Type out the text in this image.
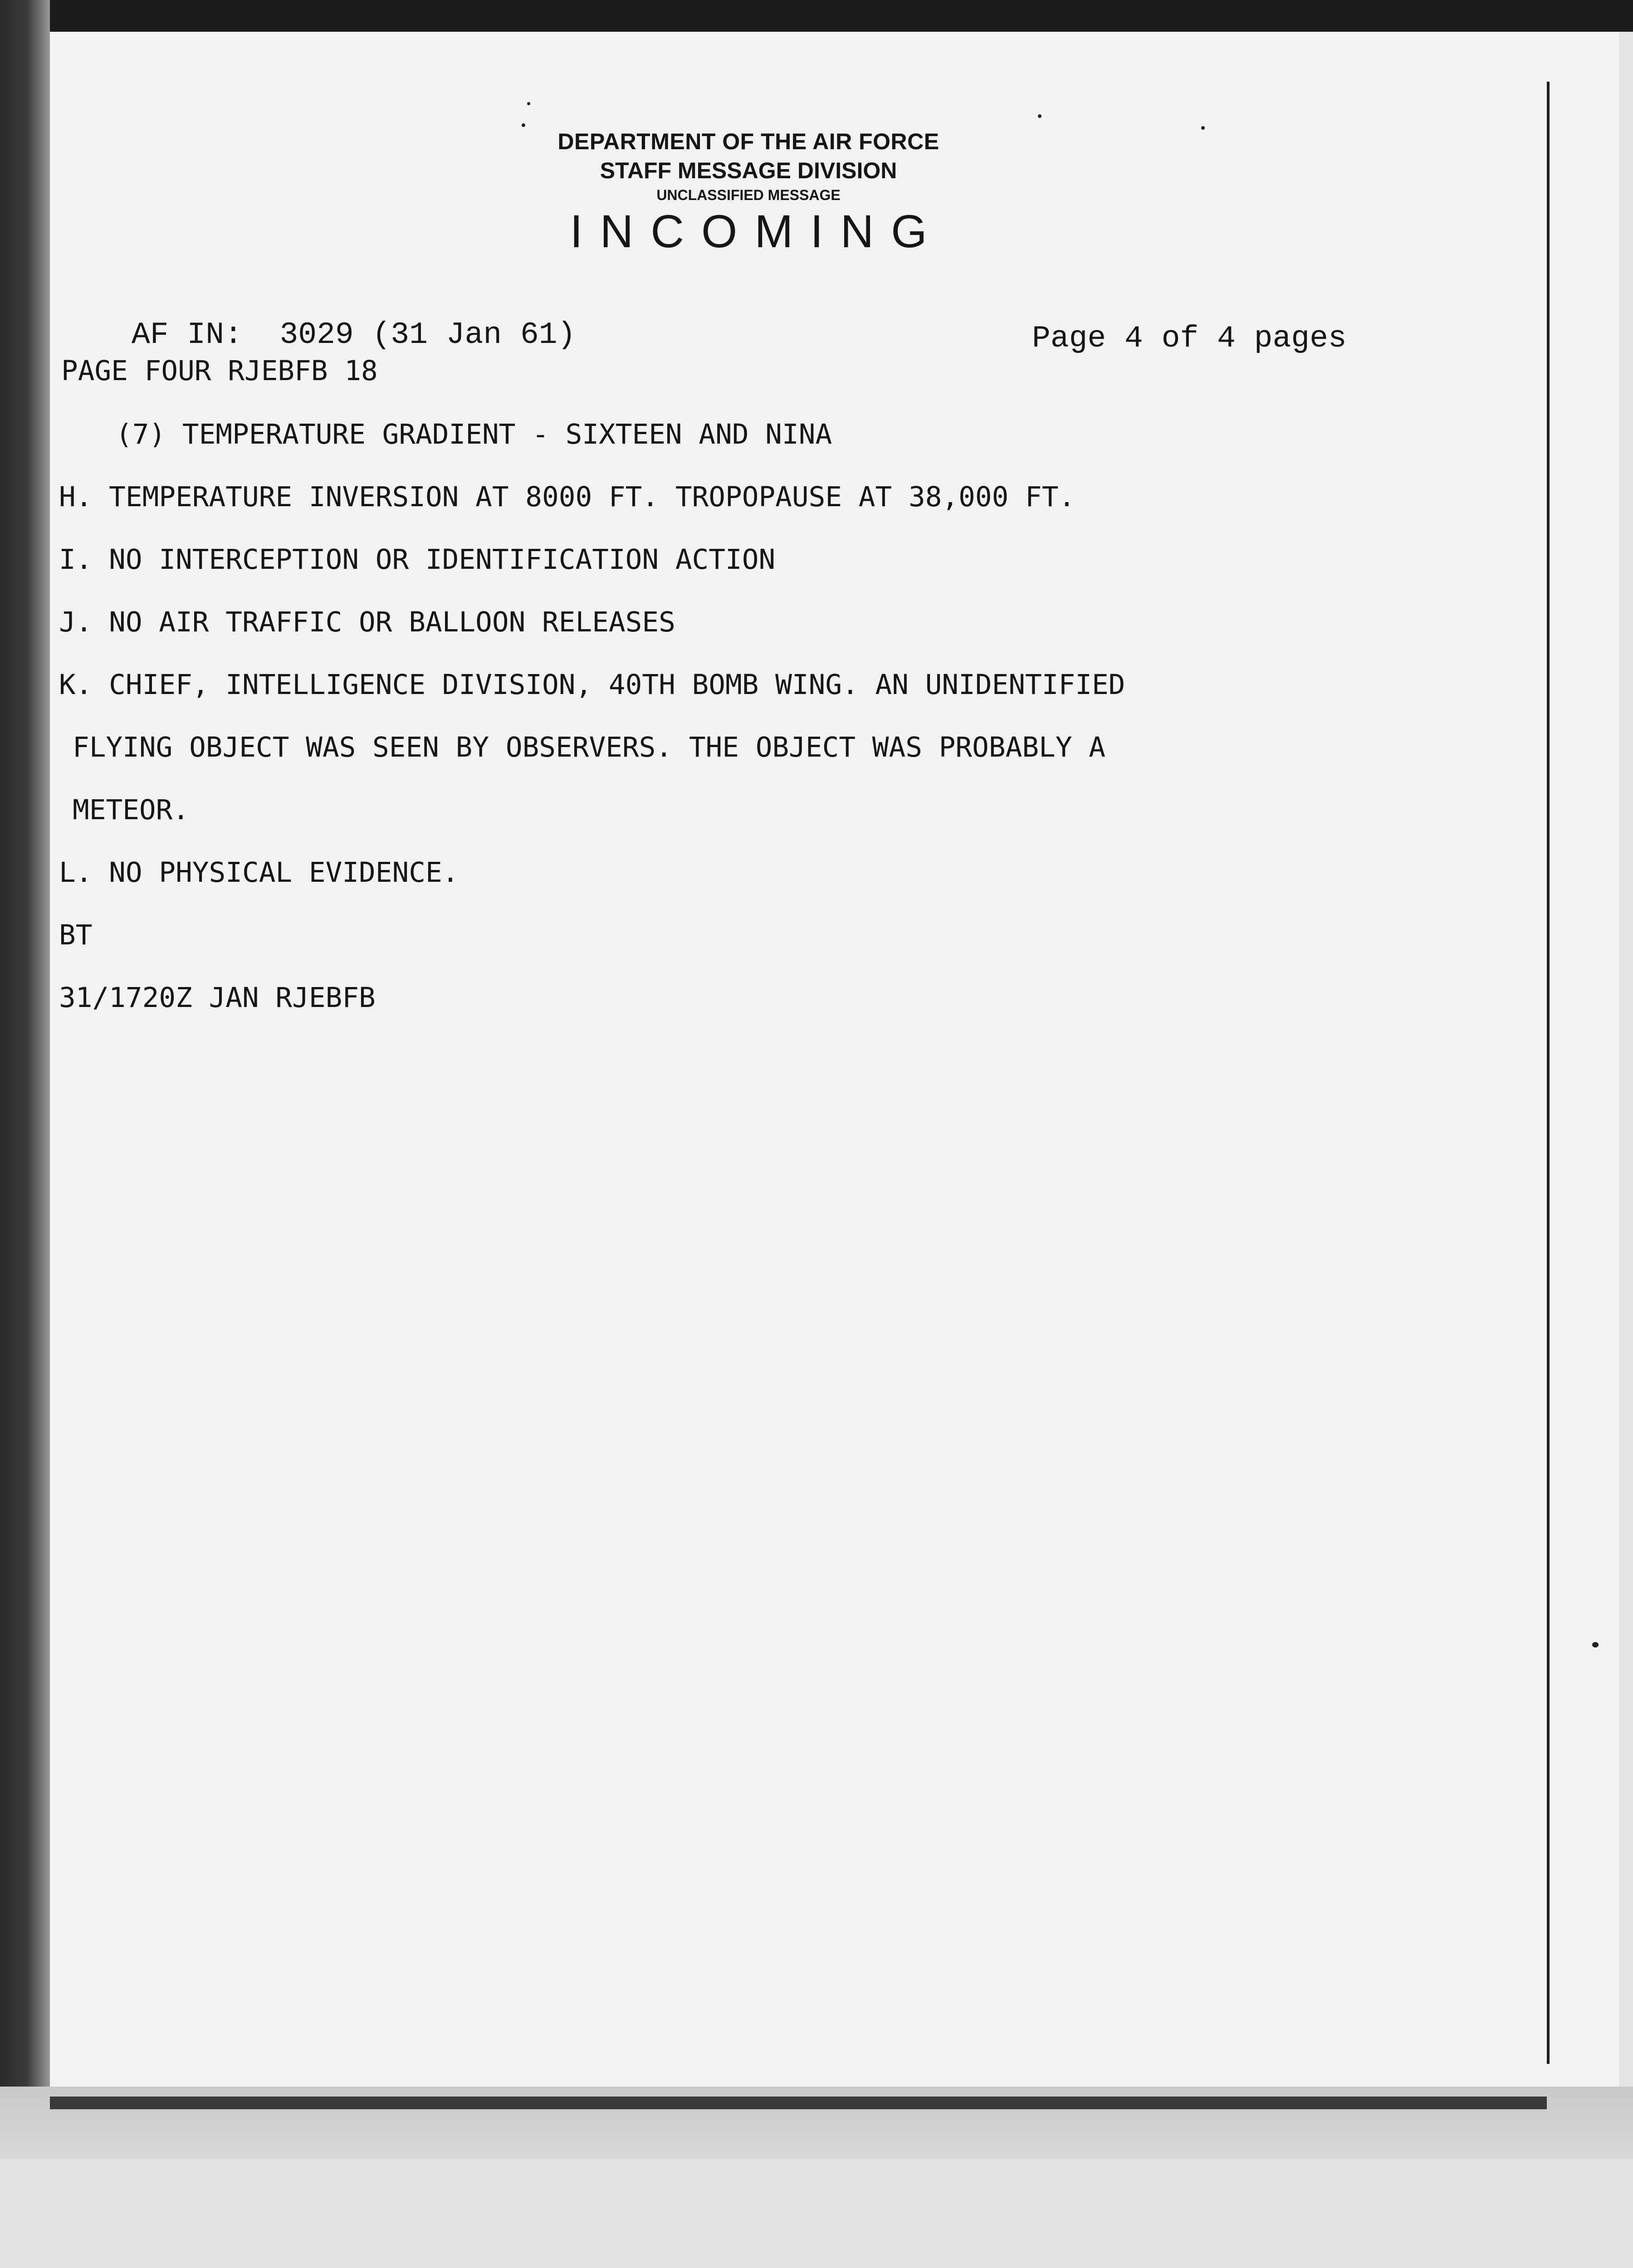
DEPARTMENT OF THE AIR FORCE
STAFF MESSAGE DIVISION
UNCLASSIFIED MESSAGE
INCOMING
AF IN:  3029 (31 Jan 61)	Page 4 of 4 pages
PAGE FOUR RJEBFB 18
(7) TEMPERATURE GRADIENT - SIXTEEN AND NINA
H. TEMPERATURE INVERSION AT 8000 FT. TROPOPAUSE AT 38,000 FT.
I. NO INTERCEPTION OR IDENTIFICATION ACTION
J. NO AIR TRAFFIC OR BALLOON RELEASES
K. CHIEF, INTELLIGENCE DIVISION, 40TH BOMB WING. AN UNIDENTIFIED
FLYING OBJECT WAS SEEN BY OBSERVERS. THE OBJECT WAS PROBABLY A
METEOR.
L. NO PHYSICAL EVIDENCE.
BT
31/1720Z JAN RJEBFB
